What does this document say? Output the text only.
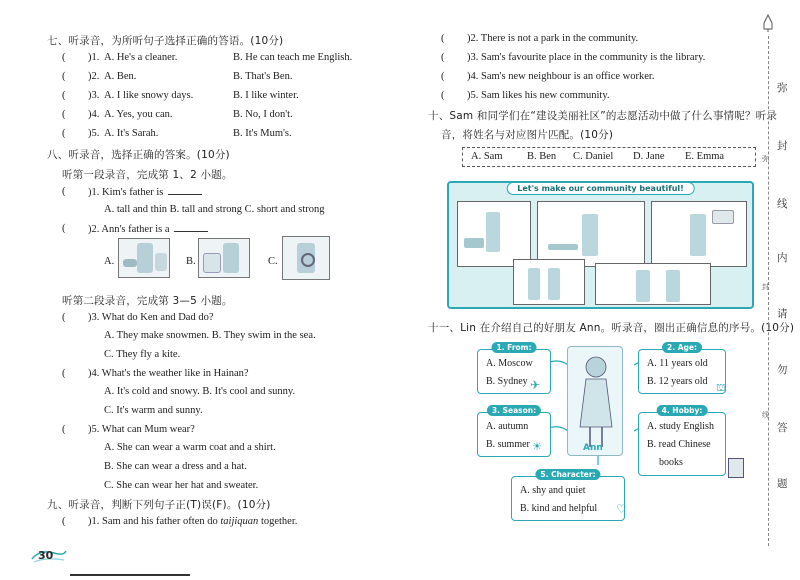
七、听录音，为所听句子选择正确的答语。(10分)
( )1. A. He's a cleaner.	B. He can teach me English.
( )2. A. Ben.	B. That's Ben.
( )3. A. I like snowy days.	B. I like winter.
( )4. A. Yes, you can.	B. No, I don't.
( )5. A. It's Sarah.	B. It's Mum's.
八、听录音，选择正确的答案。(10分)
听第一段录音，完成第 1、2 小题。
( )1. Kim's father is
A. tall and thin B. tall and strong C. short and strong
( )2. Ann's father is a
A.	B.	C.
听第二段录音，完成第 3—5 小题。
( )3. What do Ken and Dad do?
A. They make snowmen. B. They swim in the sea.
C. They fly a kite.
( )4. What's the weather like in Hainan?
A. It's cold and snowy. B. It's cool and sunny.
C. It's warm and sunny.
( )5. What can Mum wear?
A. She can wear a warm coat and a shirt.
B. She can wear a dress and a hat.
C. She can wear her hat and sweater.
九、听录音，判断下列句子正(T)误(F)。(10分)
( )1. Sam and his father often do taijiquan together.
30
( )2. There is not a park in the community.
( )3. Sam's favourite place in the community is the library.
( )4. Sam's new neighbour is an office worker.
( )5. Sam likes his new community.
十、Sam 和同学们在“建设美丽社区”的志愿活动中做了什么事情呢？听录
音，将姓名与对应图片匹配。(10分)
A. Sam B. Ben C. Daniel D. Jane E. Emma
Let's make our community beautiful!
十一、Lin 在介绍自己的好朋友 Ann。听录音，圈出正确信息的序号。(10分)
1. From:
A. Moscow
B. Sydney ✈
3. Season:
A. autumn
B. summer ☀	Ann
2. Age:
A. 11 years old
B. 12 years old ⛫
4. Hobby:
A. study English
B. read Chinese
books
5. Character:
A. shy and quiet
B. kind and helpful ♡
弥
封
线
内
请
勿
答
题
弥
封
线
